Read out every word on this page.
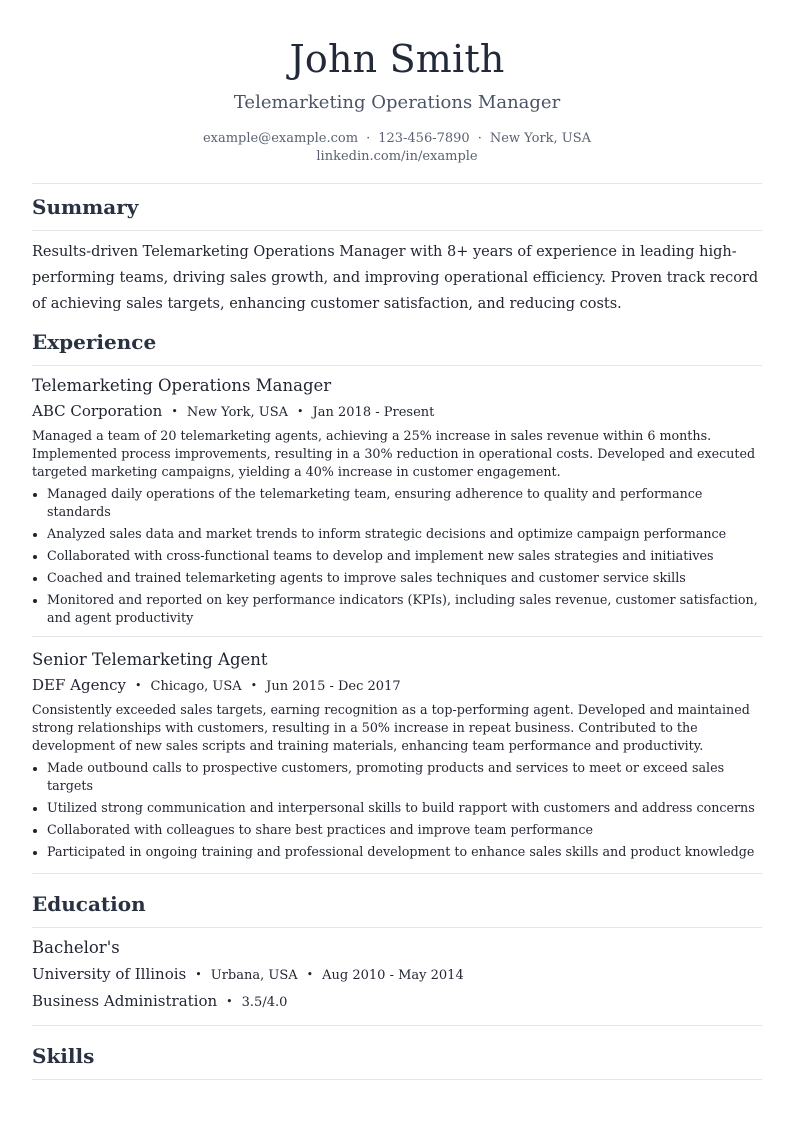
John Smith
Telemarketing Operations Manager
example@example.com · 123-456-7890 · New York, USA
linkedin.com/in/example
Summary
Results-driven Telemarketing Operations Manager with 8+ years of experience in leading high-performing teams, driving sales growth, and improving operational efficiency. Proven track record of achieving sales targets, enhancing customer satisfaction, and reducing costs.
Experience
Telemarketing Operations Manager
ABC Corporation • New York, USA • Jan 2018 - Present
Managed a team of 20 telemarketing agents, achieving a 25% increase in sales revenue within 6 months. Implemented process improvements, resulting in a 30% reduction in operational costs. Developed and executed targeted marketing campaigns, yielding a 40% increase in customer engagement.
Managed daily operations of the telemarketing team, ensuring adherence to quality and performance standards
Analyzed sales data and market trends to inform strategic decisions and optimize campaign performance
Collaborated with cross-functional teams to develop and implement new sales strategies and initiatives
Coached and trained telemarketing agents to improve sales techniques and customer service skills
Monitored and reported on key performance indicators (KPIs), including sales revenue, customer satisfaction, and agent productivity
Senior Telemarketing Agent
DEF Agency • Chicago, USA • Jun 2015 - Dec 2017
Consistently exceeded sales targets, earning recognition as a top-performing agent. Developed and maintained strong relationships with customers, resulting in a 50% increase in repeat business. Contributed to the development of new sales scripts and training materials, enhancing team performance and productivity.
Made outbound calls to prospective customers, promoting products and services to meet or exceed sales targets
Utilized strong communication and interpersonal skills to build rapport with customers and address concerns
Collaborated with colleagues to share best practices and improve team performance
Participated in ongoing training and professional development to enhance sales skills and product knowledge
Education
Bachelor's
University of Illinois • Urbana, USA • Aug 2010 - May 2014
Business Administration • 3.5/4.0
Skills
